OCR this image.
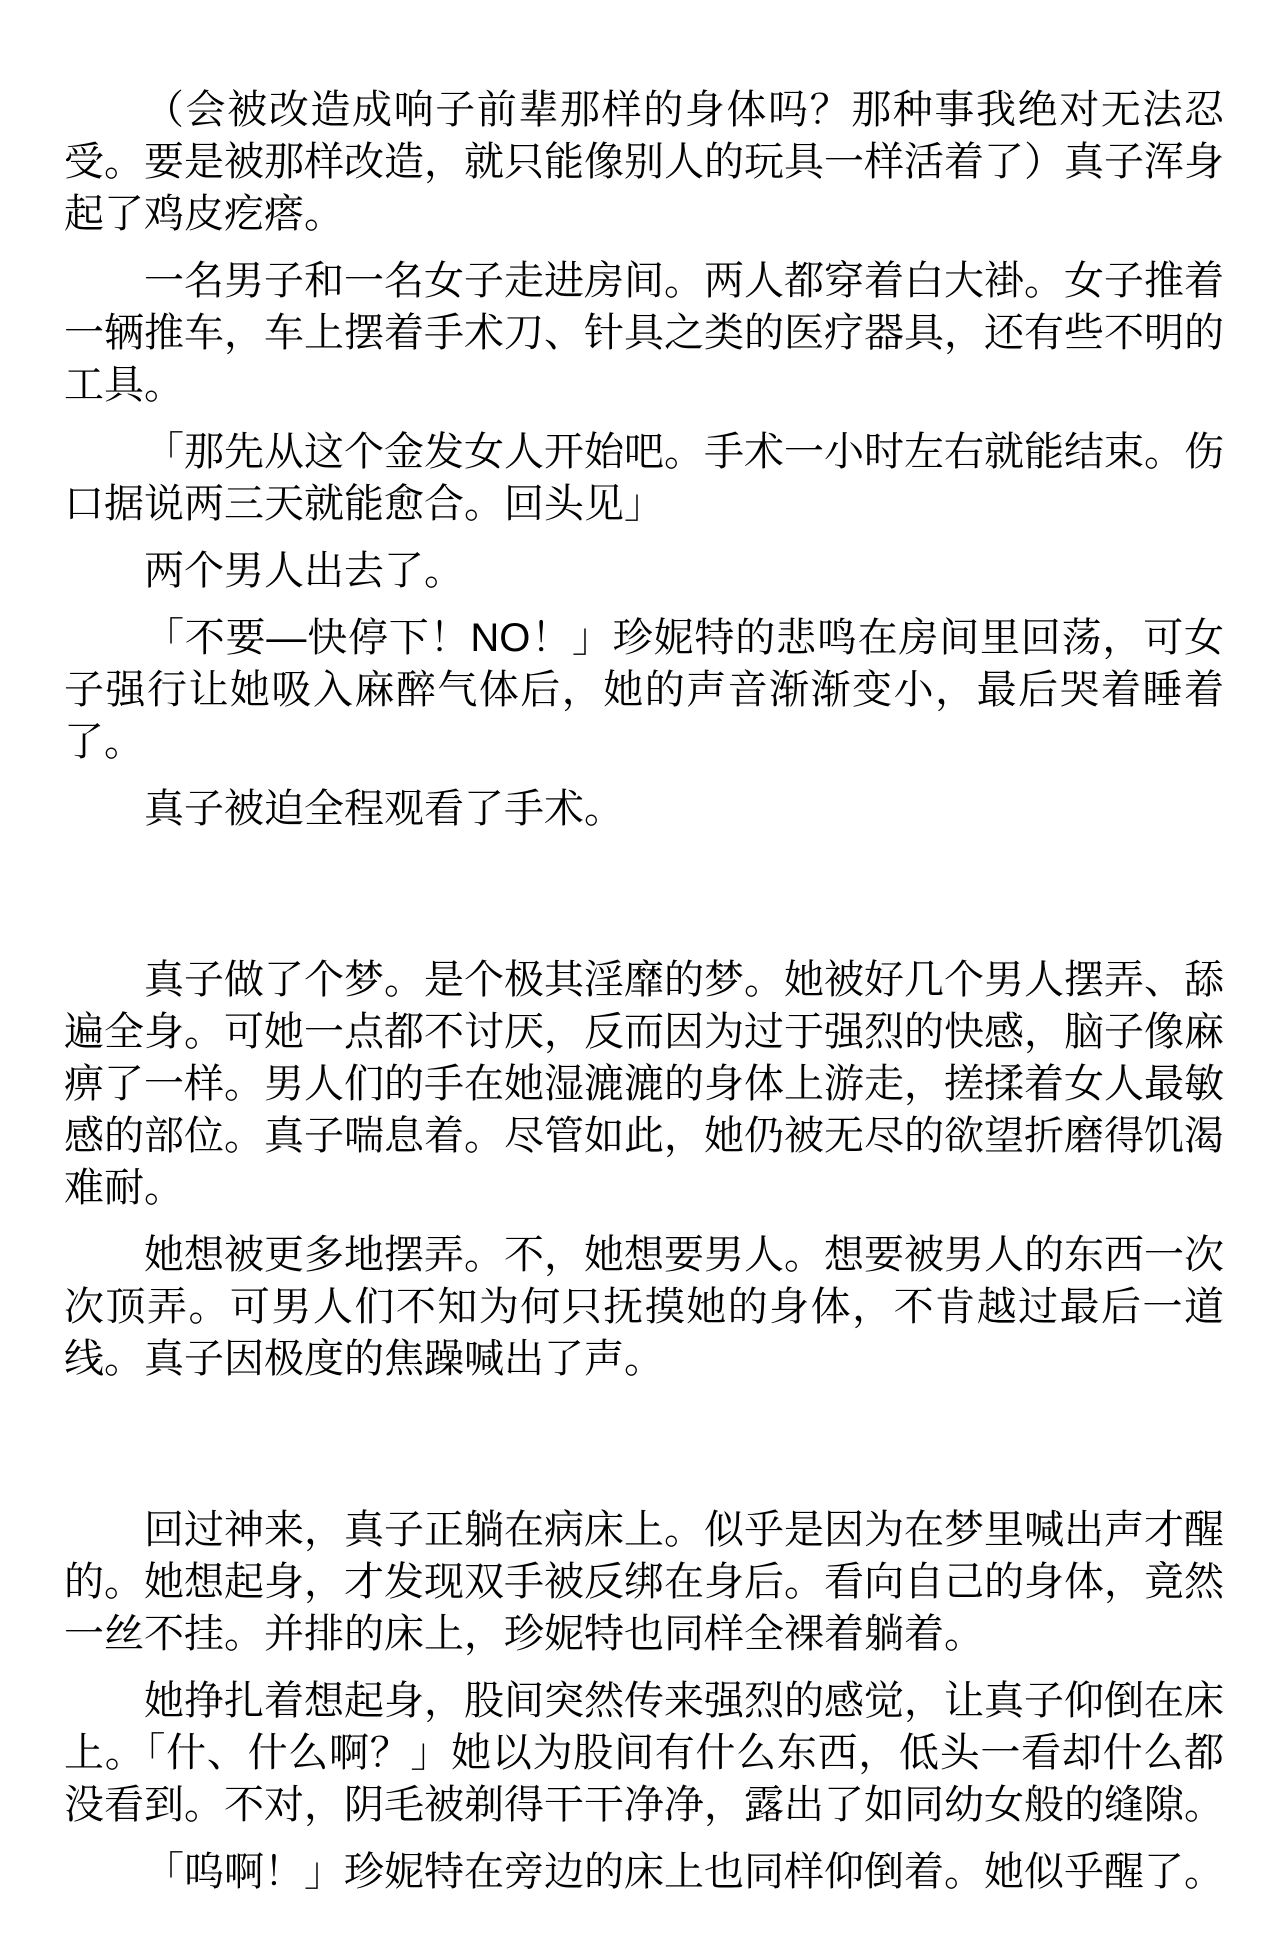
（会被改造成响子前辈那样的身体吗？那种事我绝对无法忍受。要是被那样改造，就只能像别人的玩具一样活着了）真子浑身起了鸡皮疙瘩。

一名男子和一名女子走进房间。两人都穿着白大褂。女子推着一辆推车，车上摆着手术刀、针具之类的医疗器具，还有些不明的工具。

「那先从这个金发女人开始吧。手术一小时左右就能结束。伤口据说两三天就能愈合。回头见」

两个男人出去了。

「不要—快停下！NO！」珍妮特的悲鸣在房间里回荡，可女子强行让她吸入麻醉气体后，她的声音渐渐变小，最后哭着睡着了。

真子被迫全程观看了手术。

真子做了个梦。是个极其淫靡的梦。她被好几个男人摆弄、舔遍全身。可她一点都不讨厌，反而因为过于强烈的快感，脑子像麻痹了一样。男人们的手在她湿漉漉的身体上游走，搓揉着女人最敏感的部位。真子喘息着。尽管如此，她仍被无尽的欲望折磨得饥渴难耐。

她想被更多地摆弄。不，她想要男人。想要被男人的东西一次次顶弄。可男人们不知为何只抚摸她的身体，不肯越过最后一道线。真子因极度的焦躁喊出了声。

回过神来，真子正躺在病床上。似乎是因为在梦里喊出声才醒的。她想起身，才发现双手被反绑在身后。看向自己的身体，竟然一丝不挂。并排的床上，珍妮特也同样全裸着躺着。

她挣扎着想起身，股间突然传来强烈的感觉，让真子仰倒在床上。「什、什么啊？」她以为股间有什么东西，低头一看却什么都没看到。不对，阴毛被剃得干干净净，露出了如同幼女般的缝隙。

「呜啊！」珍妮特在旁边的床上也同样仰倒着。她似乎醒了。
